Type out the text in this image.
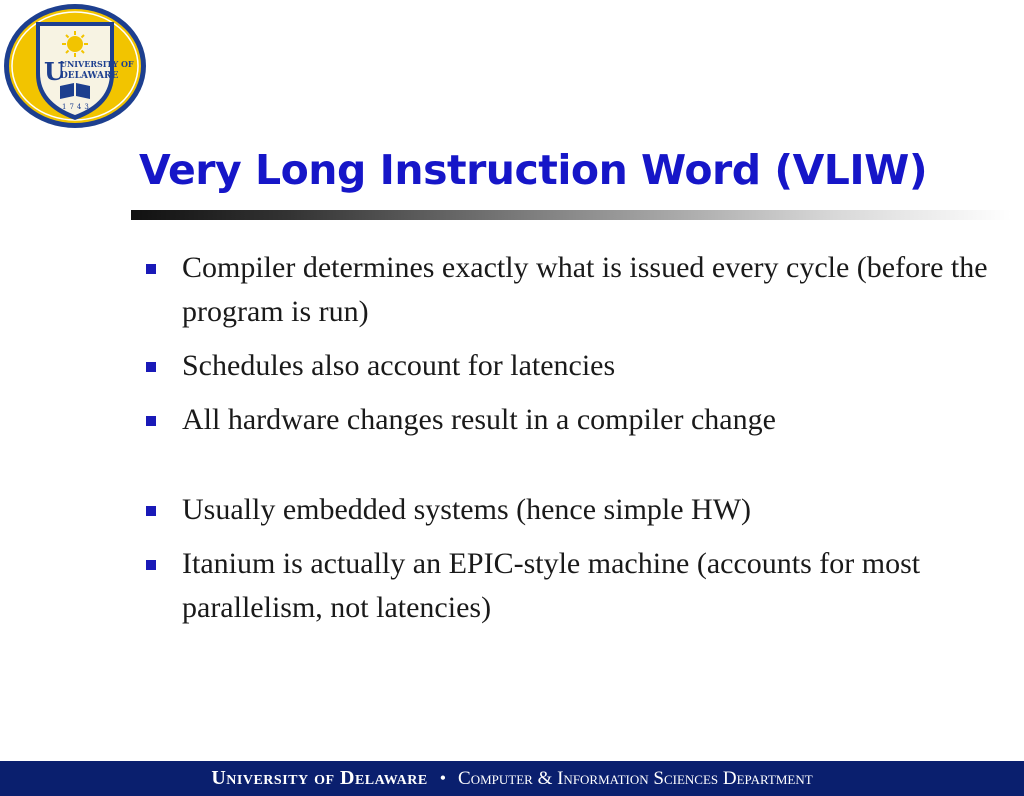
U
UNIVERSITY OF
DELAWARE
1743
Very Long Instruction Word (VLIW)
Compiler determines exactly what is issued every cycle (before the program is run)
Schedules also account for latencies
All hardware changes result in a compiler change
Usually embedded systems (hence simple HW)
Itanium is actually an EPIC-style machine (accounts for most parallelism, not latencies)
University of Delaware • Computer & Information Sciences Department
